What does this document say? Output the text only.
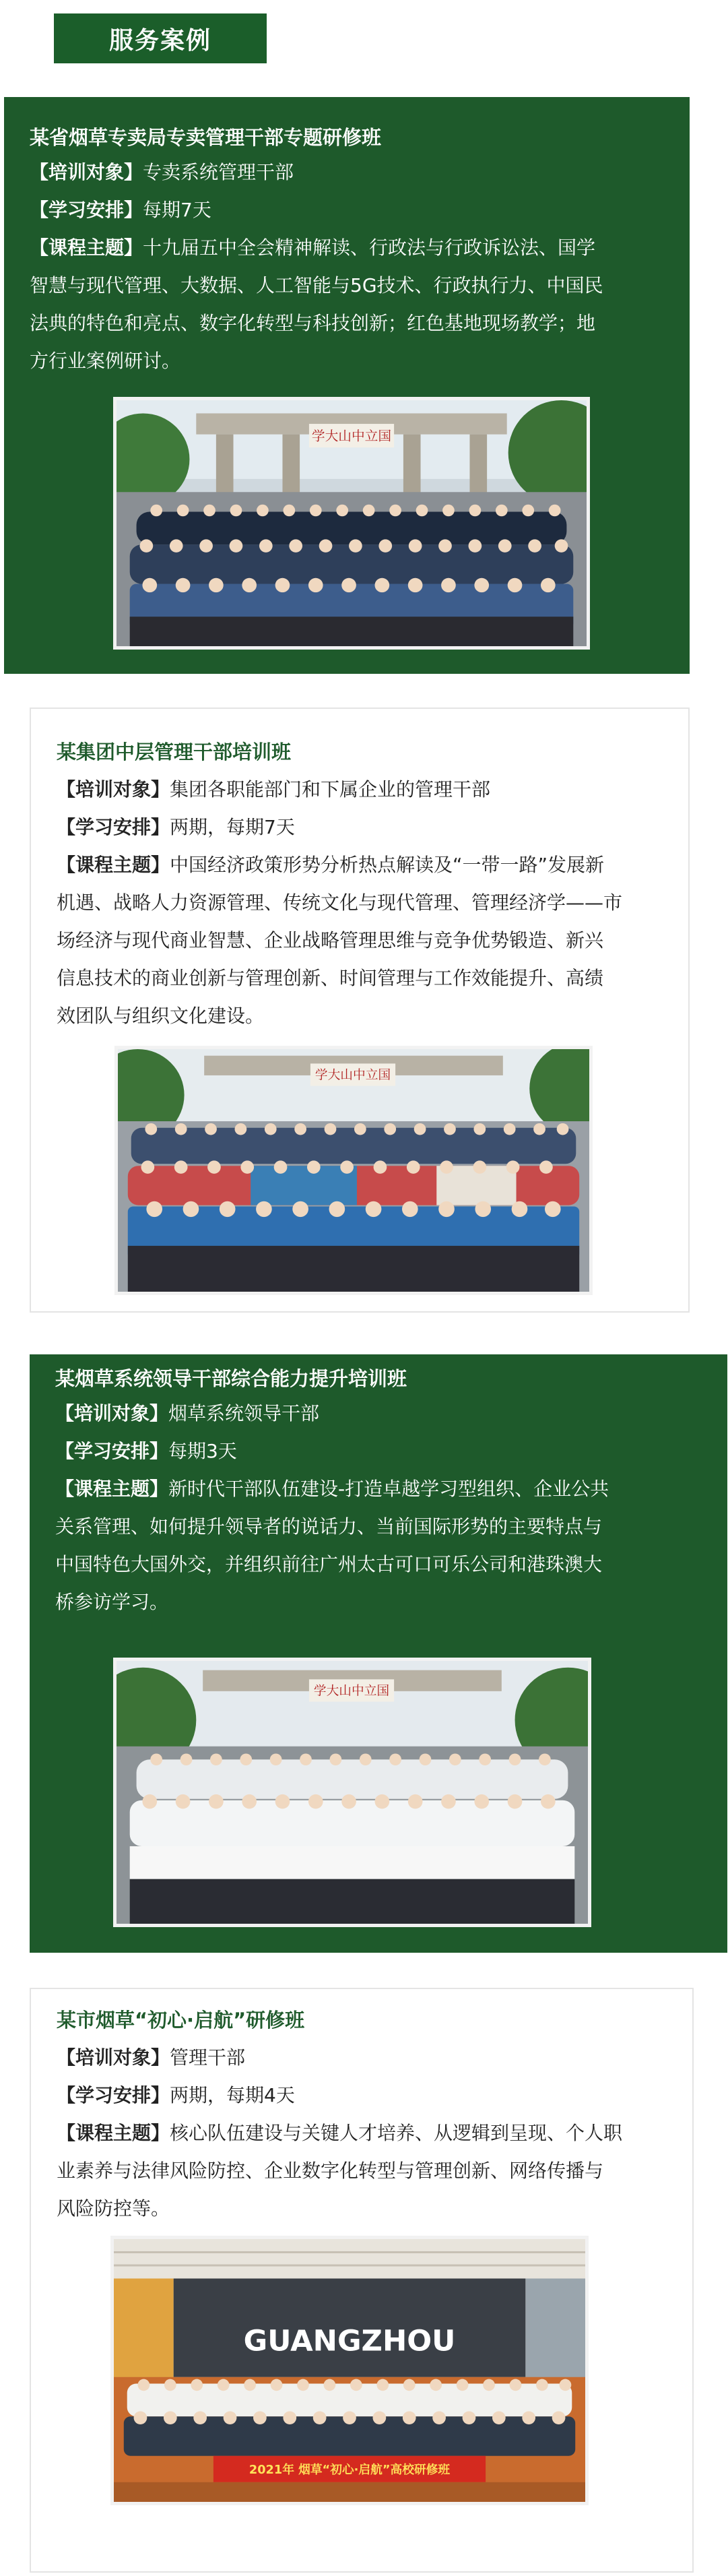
服务案例
某省烟草专卖局专卖管理干部专题研修班
【培训对象】专卖系统管理干部
【学习安排】每期7天
【课程主题】十九届五中全会精神解读、行政法与行政诉讼法、国学
智慧与现代管理、大数据、人工智能与5G技术、行政执行力、中国民
法典的特色和亮点、数字化转型与科技创新；红色基地现场教学；地
方行业案例研讨。
学大山中立国
某集团中层管理干部培训班
【培训对象】集团各职能部门和下属企业的管理干部
【学习安排】两期，每期7天
【课程主题】中国经济政策形势分析热点解读及“一带一路”发展新
机遇、战略人力资源管理、传统文化与现代管理、管理经济学——市
场经济与现代商业智慧、企业战略管理思维与竞争优势锻造、新兴
信息技术的商业创新与管理创新、时间管理与工作效能提升、高绩
效团队与组织文化建设。
学大山中立国
某烟草系统领导干部综合能力提升培训班
【培训对象】烟草系统领导干部
【学习安排】每期3天
【课程主题】新时代干部队伍建设-打造卓越学习型组织、企业公共
关系管理、如何提升领导者的说话力、当前国际形势的主要特点与
中国特色大国外交，并组织前往广州太古可口可乐公司和港珠澳大
桥参访学习。
学大山中立国
某市烟草“初心·启航”研修班
【培训对象】管理干部
【学习安排】两期，每期4天
【课程主题】核心队伍建设与关键人才培养、从逻辑到呈现、个人职
业素养与法律风险防控、企业数字化转型与管理创新、网络传播与
风险防控等。
GUANGZHOU
2021年 烟草“初心·启航”高校研修班
